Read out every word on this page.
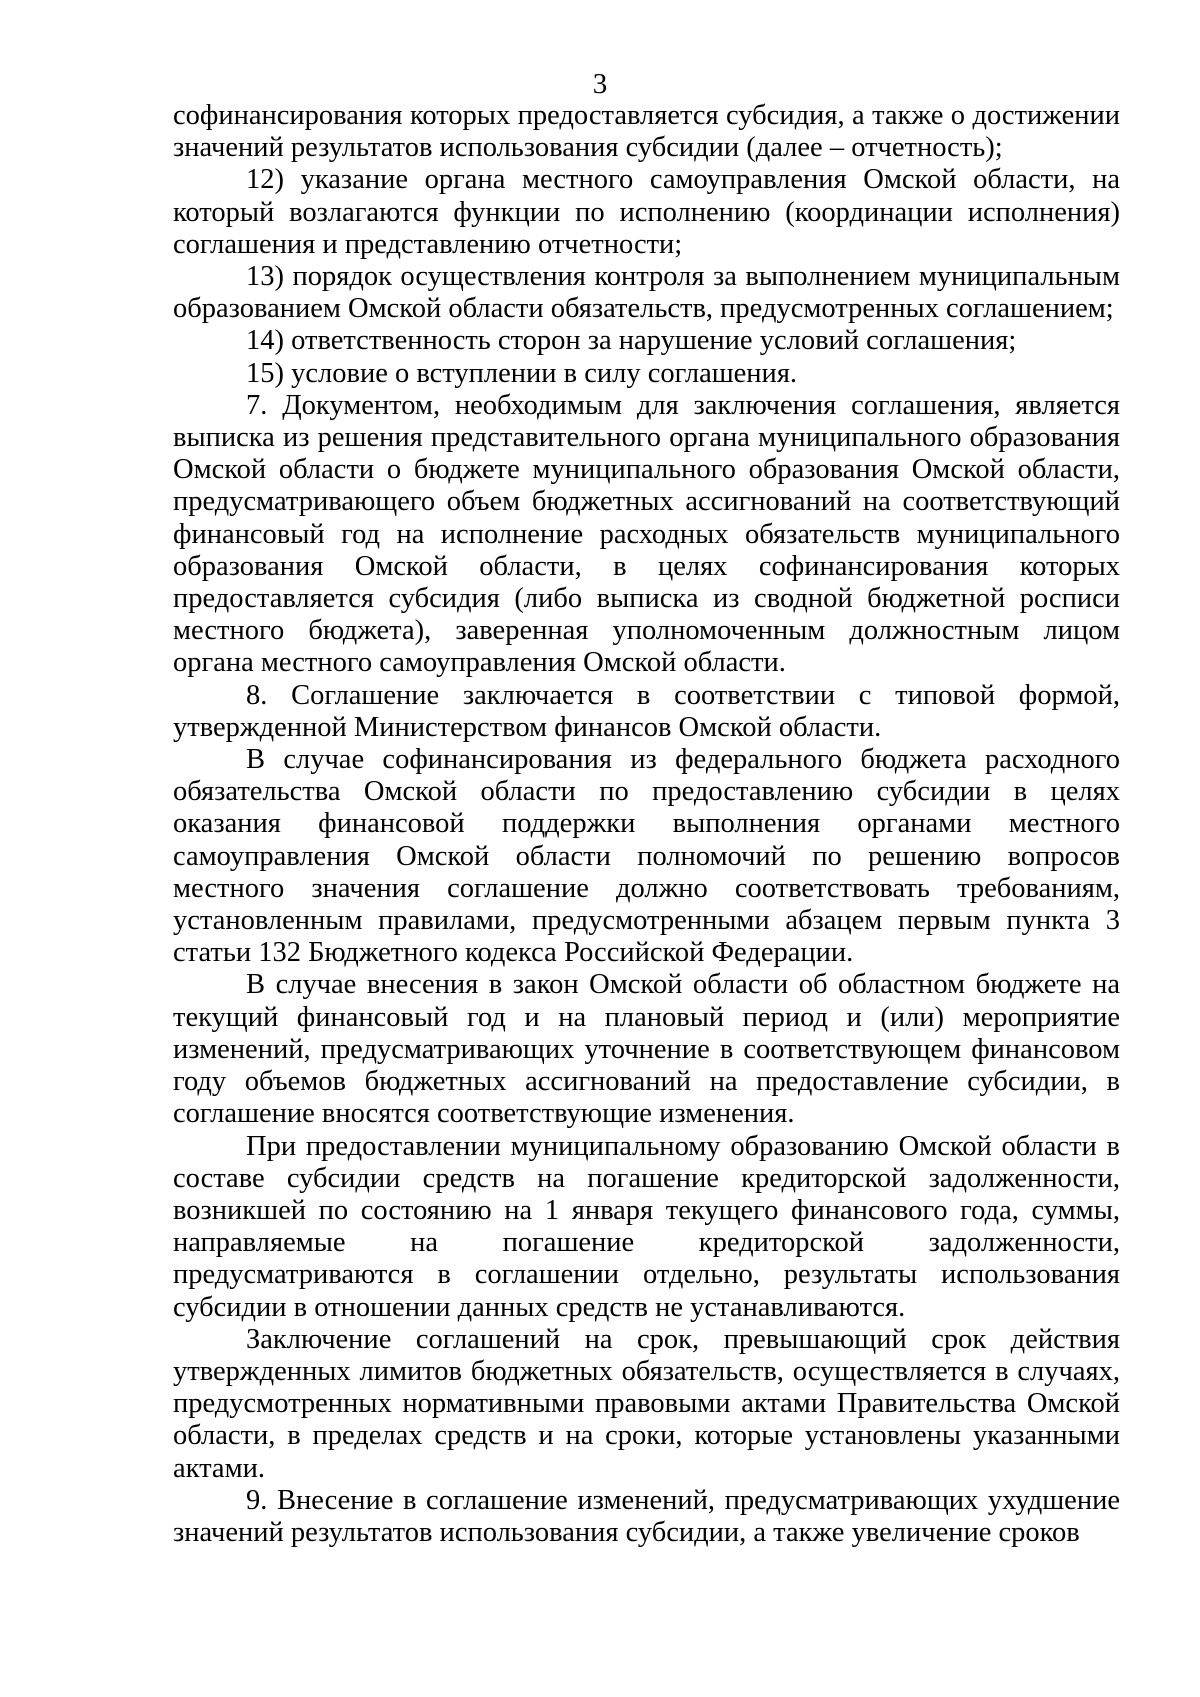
3

софинансирования которых предоставляется субсидия, а также о достижении значений результатов использования субсидии (далее – отчетность);

12) указание органа местного самоуправления Омской области, на который возлагаются функции по исполнению (координации исполнения) соглашения и представлению отчетности;

13) порядок осуществления контроля за выполнением муниципальным образованием Омской области обязательств, предусмотренных соглашением;

14) ответственность сторон за нарушение условий соглашения;

15) условие о вступлении в силу соглашения.

7. Документом, необходимым для заключения соглашения, является выписка из решения представительного органа муниципального образования Омской области о бюджете муниципального образования Омской области, предусматривающего объем бюджетных ассигнований на соответствующий финансовый год на исполнение расходных обязательств муниципального образования Омской области, в целях софинансирования которых предоставляется субсидия (либо выписка из сводной бюджетной росписи местного бюджета), заверенная уполномоченным должностным лицом органа местного самоуправления Омской области.

8. Соглашение заключается в соответствии с типовой формой, утвержденной Министерством финансов Омской области.

В случае софинансирования из федерального бюджета расходного обязательства Омской области по предоставлению субсидии в целях оказания финансовой поддержки выполнения органами местного самоуправления Омской области полномочий по решению вопросов местного значения соглашение должно соответствовать требованиям, установленным правилами, предусмотренными абзацем первым пункта 3 статьи 132 Бюджетного кодекса Российской Федерации.

В случае внесения в закон Омской области об областном бюджете на текущий финансовый год и на плановый период и (или) мероприятие изменений, предусматривающих уточнение в соответствующем финансовом году объемов бюджетных ассигнований на предоставление субсидии, в соглашение вносятся соответствующие изменения.

При предоставлении муниципальному образованию Омской области в составе субсидии средств на погашение кредиторской задолженности, возникшей по состоянию на 1 января текущего финансового года, суммы, направляемые на погашение кредиторской задолженности, предусматриваются в соглашении отдельно, результаты использования субсидии в отношении данных средств не устанавливаются.

Заключение соглашений на срок, превышающий срок действия утвержденных лимитов бюджетных обязательств, осуществляется в случаях, предусмотренных нормативными правовыми актами Правительства Омской области, в пределах средств и на сроки, которые установлены указанными актами.

9. Внесение в соглашение изменений, предусматривающих ухудшение значений результатов использования субсидии, а также увеличение сроков
